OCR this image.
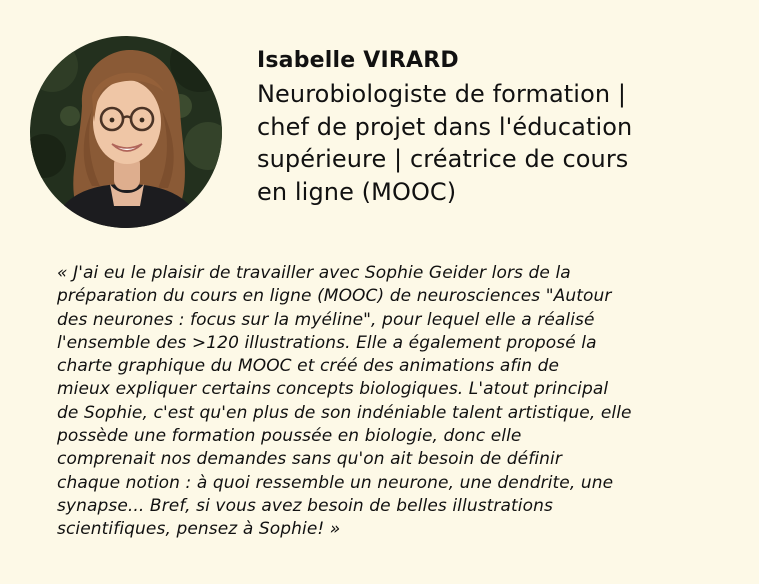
Isabelle VIRARD
Neurobiologiste de formation |
chef de projet dans l'éducation
supérieure | créatrice de cours
en ligne (MOOC)
« J'ai eu le plaisir de travailler avec Sophie Geider lors de la
préparation du cours en ligne (MOOC) de neurosciences "Autour
des neurones : focus sur la myéline", pour lequel elle a réalisé
l'ensemble des >120 illustrations. Elle a également proposé la
charte graphique du MOOC et créé des animations afin de
mieux expliquer certains concepts biologiques. L'atout principal
de Sophie, c'est qu'en plus de son indéniable talent artistique, elle
possède une formation poussée en biologie, donc elle
comprenait nos demandes sans qu'on ait besoin de définir
chaque notion : à quoi ressemble un neurone, une dendrite, une
synapse... Bref, si vous avez besoin de belles illustrations
scientifiques, pensez à Sophie! »
